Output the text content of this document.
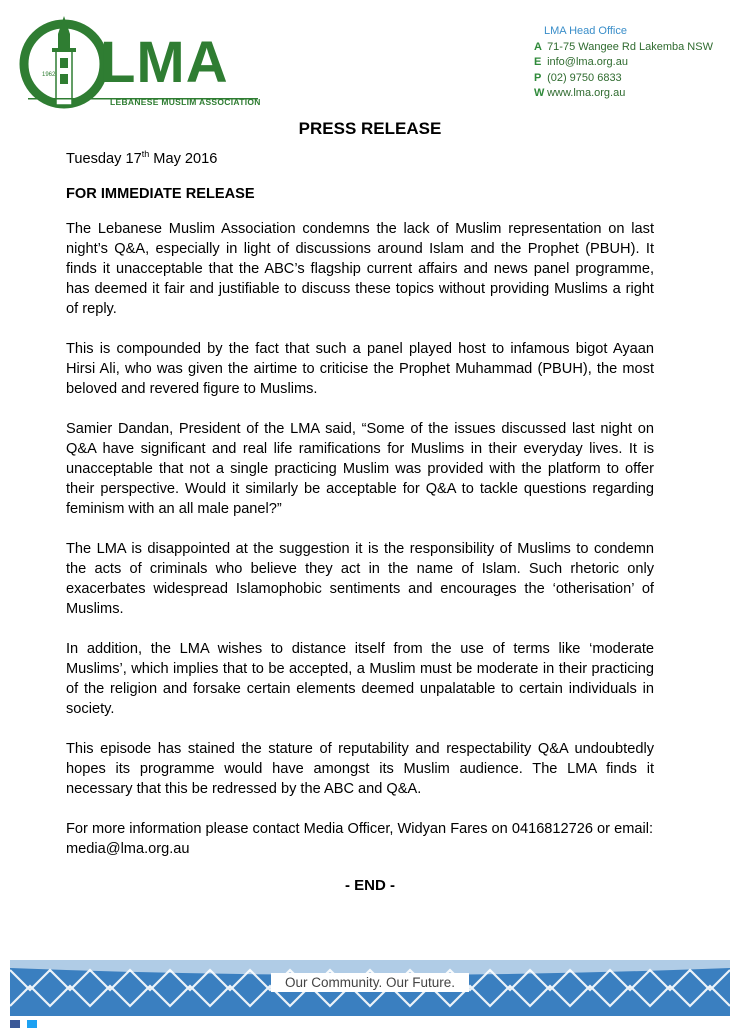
LMA
LEBANESE MUSLIM ASSOCIATION
1962
LMA Head Office
A 71-75 Wangee Rd Lakemba NSW
E info@lma.org.au
P (02) 9750 6833
W www.lma.org.au
PRESS RELEASE

Tuesday 17th May 2016

FOR IMMEDIATE RELEASE

The Lebanese Muslim Association condemns the lack of Muslim representation on last night’s Q&A, especially in light of discussions around Islam and the Prophet (PBUH). It finds it unacceptable that the ABC’s flagship current affairs and news panel programme, has deemed it fair and justifiable to discuss these topics without providing Muslims a right of reply.

This is compounded by the fact that such a panel played host to infamous bigot Ayaan Hirsi Ali, who was given the airtime to criticise the Prophet Muhammad (PBUH), the most beloved and revered figure to Muslims.

Samier Dandan, President of the LMA said, “Some of the issues discussed last night on Q&A have significant and real life ramifications for Muslims in their everyday lives. It is unacceptable that not a single practicing Muslim was provided with the platform to offer their perspective. Would it similarly be acceptable for Q&A to tackle questions regarding feminism with an all male panel?”

The LMA is disappointed at the suggestion it is the responsibility of Muslims to condemn the acts of criminals who believe they act in the name of Islam. Such rhetoric only exacerbates widespread Islamophobic sentiments and encourages the ‘otherisation’ of Muslims.

In addition, the LMA wishes to distance itself from the use of terms like ‘moderate Muslims’, which implies that to be accepted, a Muslim must be moderate in their practicing of the religion and forsake certain elements deemed unpalatable to certain individuals in society.

This episode has stained the stature of reputability and respectability Q&A undoubtedly hopes its programme would have amongst its Muslim audience. The LMA finds it necessary that this be redressed by the ABC and Q&A.

For more information please contact Media Officer, Widyan Fares on 0416812726 or email: media@lma.org.au

- END -
Our Community. Our Future.
